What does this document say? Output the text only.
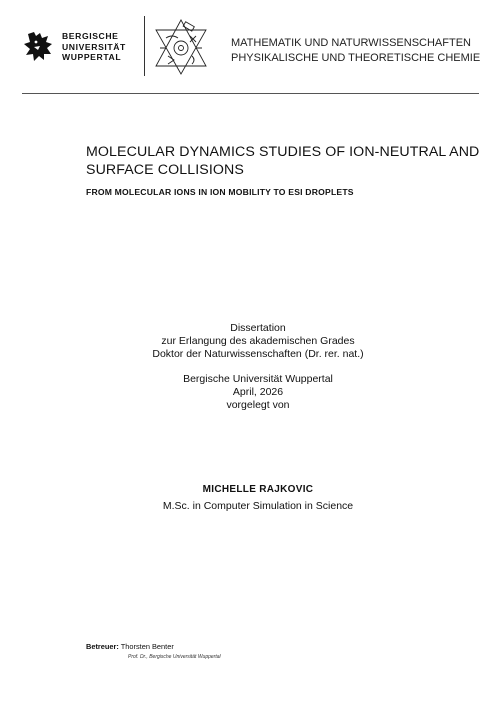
BERGISCHE
UNIVERSITÄT
WUPPERTAL
MATHEMATIK UND NATURWISSENSCHAFTEN
PHYSIKALISCHE UND THEORETISCHE CHEMIE
MOLECULAR DYNAMICS STUDIES OF ION-NEUTRAL AND SURFACE COLLISIONS
FROM MOLECULAR IONS IN ION MOBILITY TO ESI DROPLETS
Dissertation
zur Erlangung des akademischen Grades
Doktor der Naturwissenschaften (Dr. rer. nat.)
Bergische Universität Wuppertal
April, 2026
vorgelegt von
MICHELLE RAJKOVIC
M.Sc. in Computer Simulation in Science
Betreuer: Thorsten Benter
Prof. Dr., Bergische Universität Wuppertal
